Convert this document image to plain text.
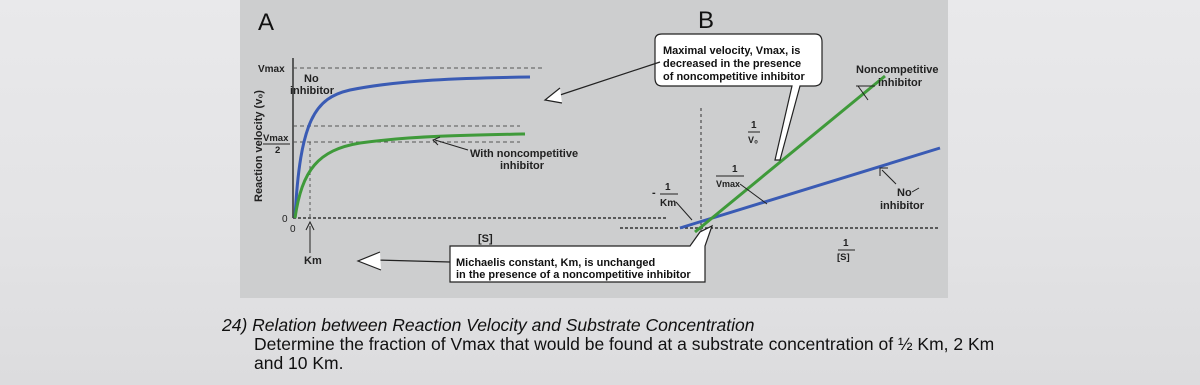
A
Reaction velocity (v₀)
Vmax
Vmax
2
0
0
Km
No
inhibitor
With noncompetitive
inhibitor
[S]
B
Maximal velocity, Vmax, is
decreased in the presence
of noncompetitive inhibitor
Michaelis constant, Km, is unchanged
in the presence of a noncompetitive inhibitor
1
V₀
1
Vmax
- 1
Km
1
[S]
Noncompetitive
inhibitor
No
inhibitor
24) Relation between Reaction Velocity and Substrate Concentration
Determine the fraction of Vmax that would be found at a substrate concentration of ½ Km, 2 Km
and 10 Km.
